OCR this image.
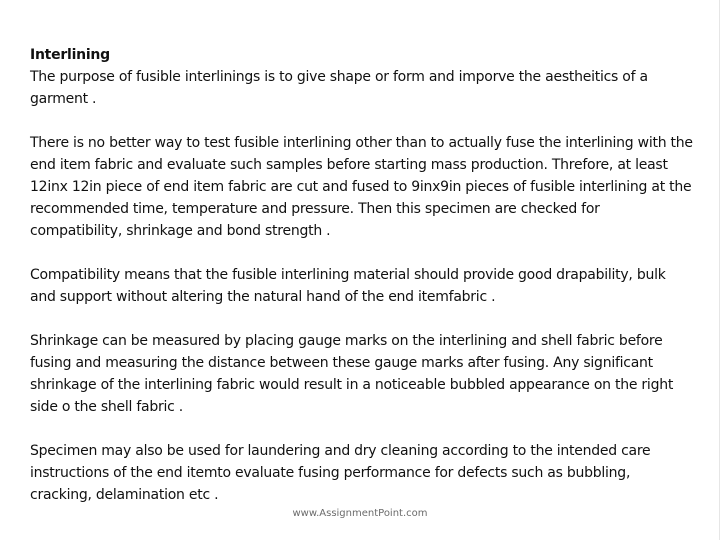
Interlining

The purpose of fusible interlinings is to give shape or form and imporve the aestheitics of a garment .

There is no better way to test fusible interlining other than to actually fuse the interlining with the end item fabric and evaluate such samples before starting mass production. Threfore, at least 12inx 12in piece of end item fabric are cut and fused to 9inx9in pieces of fusible interlining at the recommended time, temperature and pressure. Then this specimen are checked for compatibility, shrinkage and bond strength .

Compatibility means that the fusible interlining material should provide good drapability, bulk and support without altering the natural hand of the end itemfabric .

Shrinkage can be measured by placing gauge marks on the interlining and shell fabric before fusing and measuring the distance between these gauge marks after fusing. Any significant shrinkage of the interlining fabric would result in a noticeable bubbled appearance on the right side o the shell fabric .

Specimen may also be used for laundering and dry cleaning according to the intended care instructions of the end itemto evaluate fusing performance for defects such as bubbling, cracking, delamination etc .

www.AssignmentPoint.com
